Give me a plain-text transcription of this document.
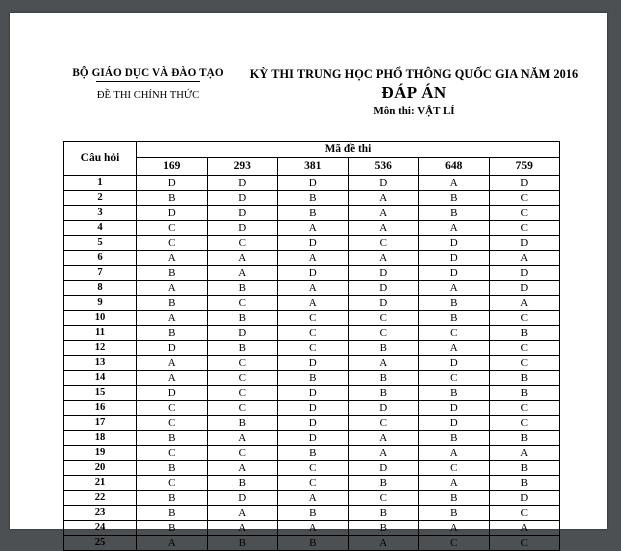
BỘ GIÁO DỤC VÀ ĐÀO TẠO
ĐỀ THI CHÍNH THỨC
KỲ THI TRUNG HỌC PHỔ THÔNG QUỐC GIA NĂM 2016
ĐÁP ÁN
Môn thi: VẬT LÍ
Câu hỏi	Mã đề thi					
	169	293	381	536	648	759
1	D	D	D	D	A	D
2	B	D	B	A	B	C
3	D	D	B	A	B	C
4	C	D	A	A	A	C
5	C	C	D	C	D	D
6	A	A	A	A	D	A
7	B	A	D	D	D	D
8	A	B	A	D	A	D
9	B	C	A	D	B	A
10	A	B	C	C	B	C
11	B	D	C	C	C	B
12	D	B	C	B	A	C
13	A	C	D	A	D	C
14	A	C	B	B	C	B
15	D	C	D	B	B	B
16	C	C	D	D	D	C
17	C	B	D	C	D	C
18	B	A	D	A	B	B
19	C	C	B	A	A	A
20	B	A	C	D	C	B
21	C	B	C	B	A	B
22	B	D	A	C	B	D
23	B	A	B	B	B	C
24	B	A	A	B	A	A
25	A	B	B	A	C	C
